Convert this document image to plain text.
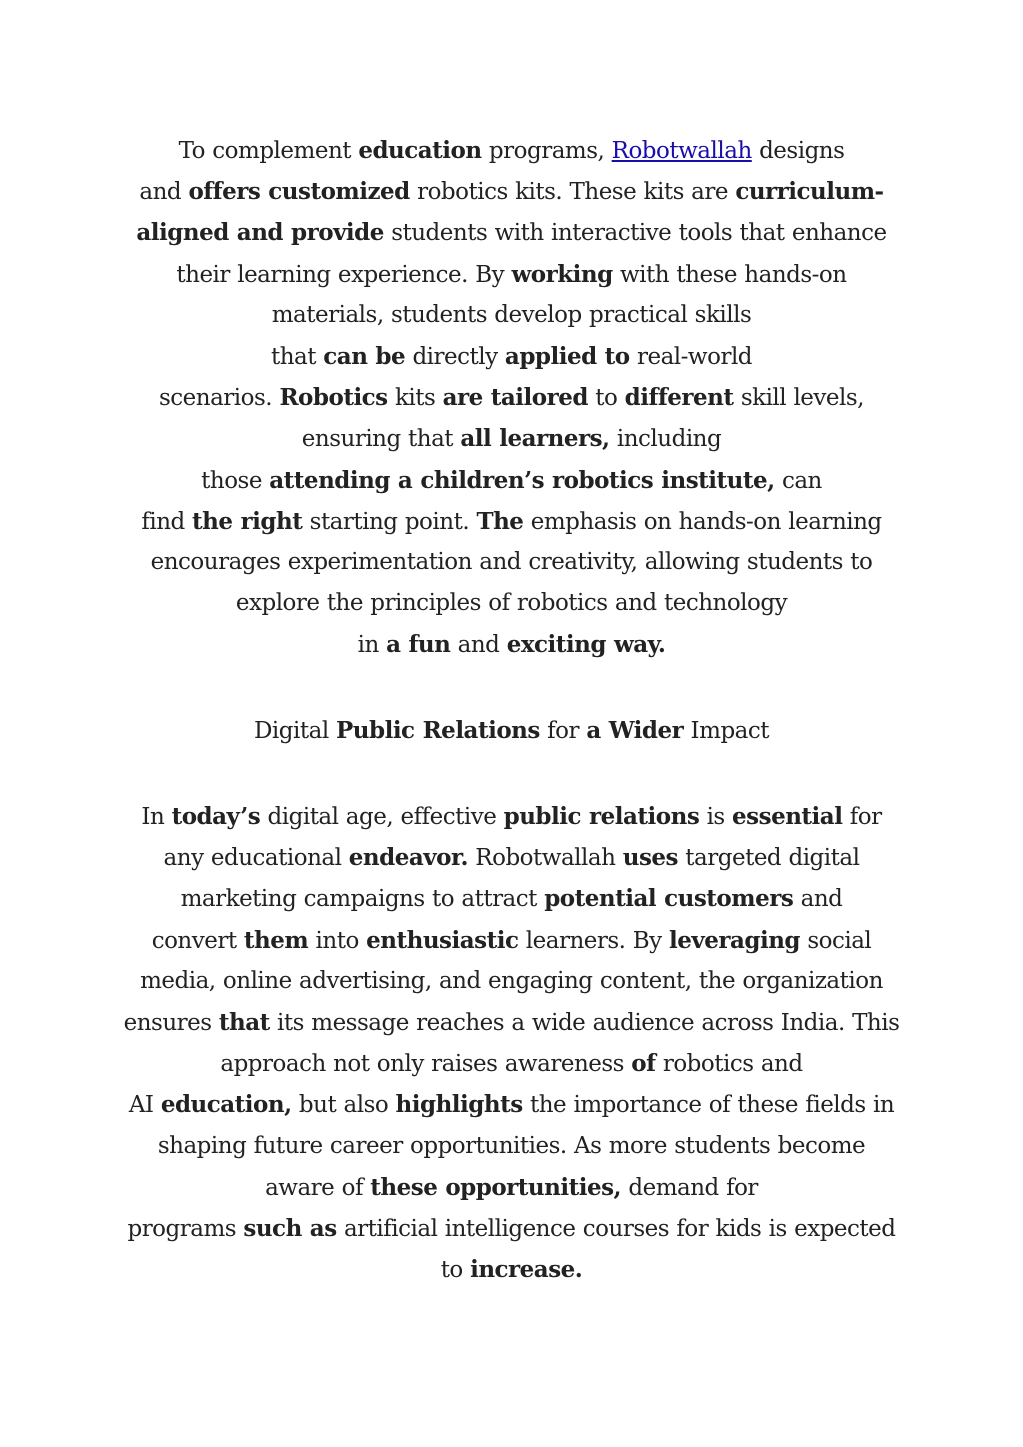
To complement education programs, Robotwallah designs
and offers customized robotics kits. These kits are curriculum-
aligned and provide students with interactive tools that enhance
their learning experience. By working with these hands-on
materials, students develop practical skills
that can be directly applied to real-world
scenarios. Robotics kits are tailored to different skill levels,
ensuring that all learners, including
those attending a children’s robotics institute, can
find the right starting point. The emphasis on hands-on learning
encourages experimentation and creativity, allowing students to
explore the principles of robotics and technology
in a fun and exciting way.
Digital Public Relations for a Wider Impact
In today’s digital age, effective public relations is essential for
any educational endeavor. Robotwallah uses targeted digital
marketing campaigns to attract potential customers and
convert them into enthusiastic learners. By leveraging social
media, online advertising, and engaging content, the organization
ensures that its message reaches a wide audience across India. This
approach not only raises awareness of robotics and
AI education, but also highlights the importance of these fields in
shaping future career opportunities. As more students become
aware of these opportunities, demand for
programs such as artificial intelligence courses for kids is expected
to increase.
